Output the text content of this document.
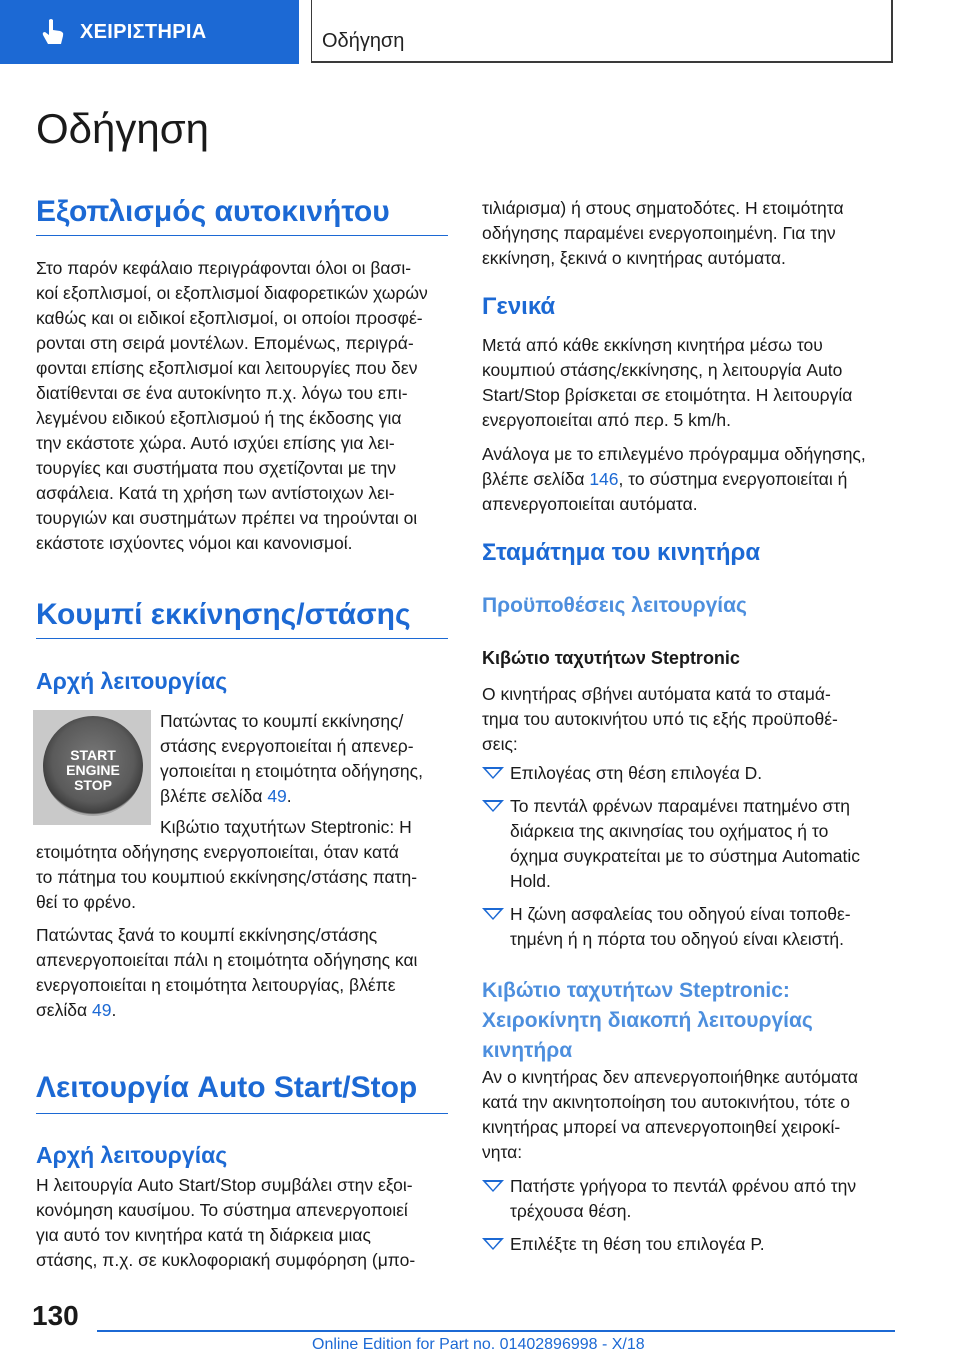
ΧΕΙΡΙΣΤΗΡΙΑ	Οδήγηση
Οδήγηση
Εξοπλισμός αυτοκινήτου
Στο παρόν κεφάλαιο περιγράφονται όλοι οι βασι-
κοί εξοπλισμοί, οι εξοπλισμοί διαφορετικών χωρών
καθώς και οι ειδικοί εξοπλισμοί, οι οποίοι προσφέ-
ρονται στη σειρά μοντέλων. Επομένως, περιγρά-
φονται επίσης εξοπλισμοί και λειτουργίες που δεν
διατίθενται σε ένα αυτοκίνητο π.χ. λόγω του επι-
λεγμένου ειδικού εξοπλισμού ή της έκδοσης για
την εκάστοτε χώρα. Αυτό ισχύει επίσης για λει-
τουργίες και συστήματα που σχετίζονται με την
ασφάλεια. Κατά τη χρήση των αντίστοιχων λει-
τουργιών και συστημάτων πρέπει να τηρούνται οι
εκάστοτε ισχύοντες νόμοι και κανονισμοί.
Κουμπί εκκίνησης/στάσης
Αρχή λειτουργίας
START
ENGINE
STOP
Πατώντας το κουμπί εκκίνησης/
στάσης ενεργοποιείται ή απενερ-
γοποιείται η ετοιμότητα οδήγησης,
βλέπε σελίδα 49.
Κιβώτιο ταχυτήτων Steptronic: Η
ετοιμότητα οδήγησης ενεργοποιείται, όταν κατά
το πάτημα του κουμπιού εκκίνησης/στάσης πατη-
θεί το φρένο.
Πατώντας ξανά το κουμπί εκκίνησης/στάσης
απενεργοποιείται πάλι η ετοιμότητα οδήγησης και
ενεργοποιείται η ετοιμότητα λειτουργίας, βλέπε
σελίδα 49.
Λειτουργία Auto Start/Stop
Αρχή λειτουργίας
Η λειτουργία Auto Start/Stop συμβάλει στην εξοι-
κονόμηση καυσίμου. Το σύστημα απενεργοποιεί
για αυτό τον κινητήρα κατά τη διάρκεια μιας
στάσης, π.χ. σε κυκλοφοριακή συμφόρηση (μπο-
τιλιάρισμα) ή στους σηματοδότες. Η ετοιμότητα
οδήγησης παραμένει ενεργοποιημένη. Για την
εκκίνηση, ξεκινά ο κινητήρας αυτόματα.
Γενικά
Μετά από κάθε εκκίνηση κινητήρα μέσω του
κουμπιού στάσης/εκκίνησης, η λειτουργία Auto
Start/Stop βρίσκεται σε ετοιμότητα. Η λειτουργία
ενεργοποιείται από περ. 5 km/h.
Ανάλογα με το επιλεγμένο πρόγραμμα οδήγησης,
βλέπε σελίδα 146, το σύστημα ενεργοποιείται ή
απενεργοποιείται αυτόματα.
Σταμάτημα του κινητήρα
Προϋποθέσεις λειτουργίας
Κιβώτιο ταχυτήτων Steptronic
Ο κινητήρας σβήνει αυτόματα κατά το σταμά-
τημα του αυτοκινήτου υπό τις εξής προϋποθέ-
σεις:
Επιλογέας στη θέση επιλογέα D.
Το πεντάλ φρένων παραμένει πατημένο στη
διάρκεια της ακινησίας του οχήματος ή το
όχημα συγκρατείται με το σύστημα Automatic
Hold.
Η ζώνη ασφαλείας του οδηγού είναι τοποθε-
τημένη ή η πόρτα του οδηγού είναι κλειστή.
Κιβώτιο ταχυτήτων Steptronic:
Χειροκίνητη διακοπή λειτουργίας
κινητήρα
Αν ο κινητήρας δεν απενεργοποιήθηκε αυτόματα
κατά την ακινητοποίηση του αυτοκινήτου, τότε ο
κινητήρας μπορεί να απενεργοποιηθεί χειροκί-
νητα:
Πατήστε γρήγορα το πεντάλ φρένου από την
τρέχουσα θέση.
Επιλέξτε τη θέση του επιλογέα P.
130
Online Edition for Part no. 01402896998 - X/18
